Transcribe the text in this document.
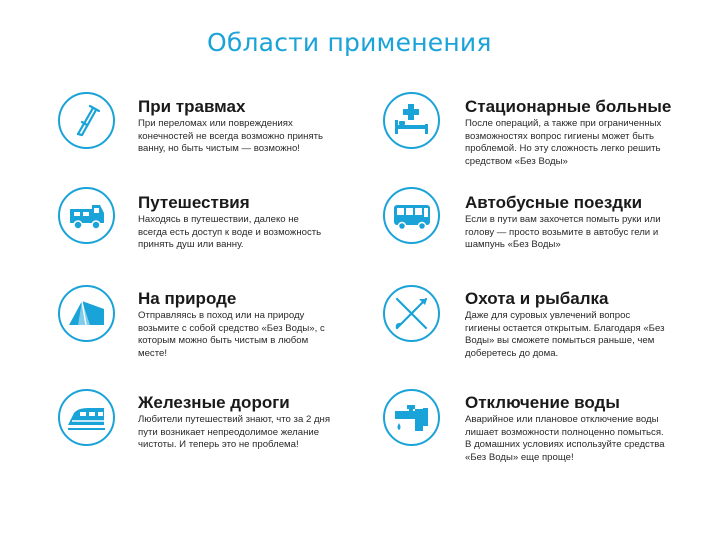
Области применения
При травмах
При переломах или повреждениях конечностей не всегда возможно принять ванну, но быть чистым — возможно!
Путешествия
Находясь в путешествии, далеко не всегда есть доступ к воде и возможность принять душ или ванну.
На природе
Отправляясь в поход или на природу возьмите с собой средство «Без Воды», с которым можно быть чистым в любом месте!
Железные дороги
Любители путешествий знают, что за 2 дня пути возникает непреодолимое желание чистоты. И теперь это не проблема!
Стационарные больные
После операций, а также при ограниченных возможностях вопрос гигиены может быть проблемой. Но эту сложность легко решить средством «Без Воды»
Автобусные поездки
Если в пути вам захочется помыть руки или голову — просто возьмите в автобус гели и шампунь «Без Воды»
Охота и рыбалка
Даже для суровых увлечений вопрос гигиены остается открытым. Благодаря «Без Воды» вы сможете помыться раньше, чем доберетесь до дома.
Отключение воды
Аварийное или плановое отключение воды лишает возможности полноценно помыться. В домашних условиях используйте средства «Без Воды» еще проще!
